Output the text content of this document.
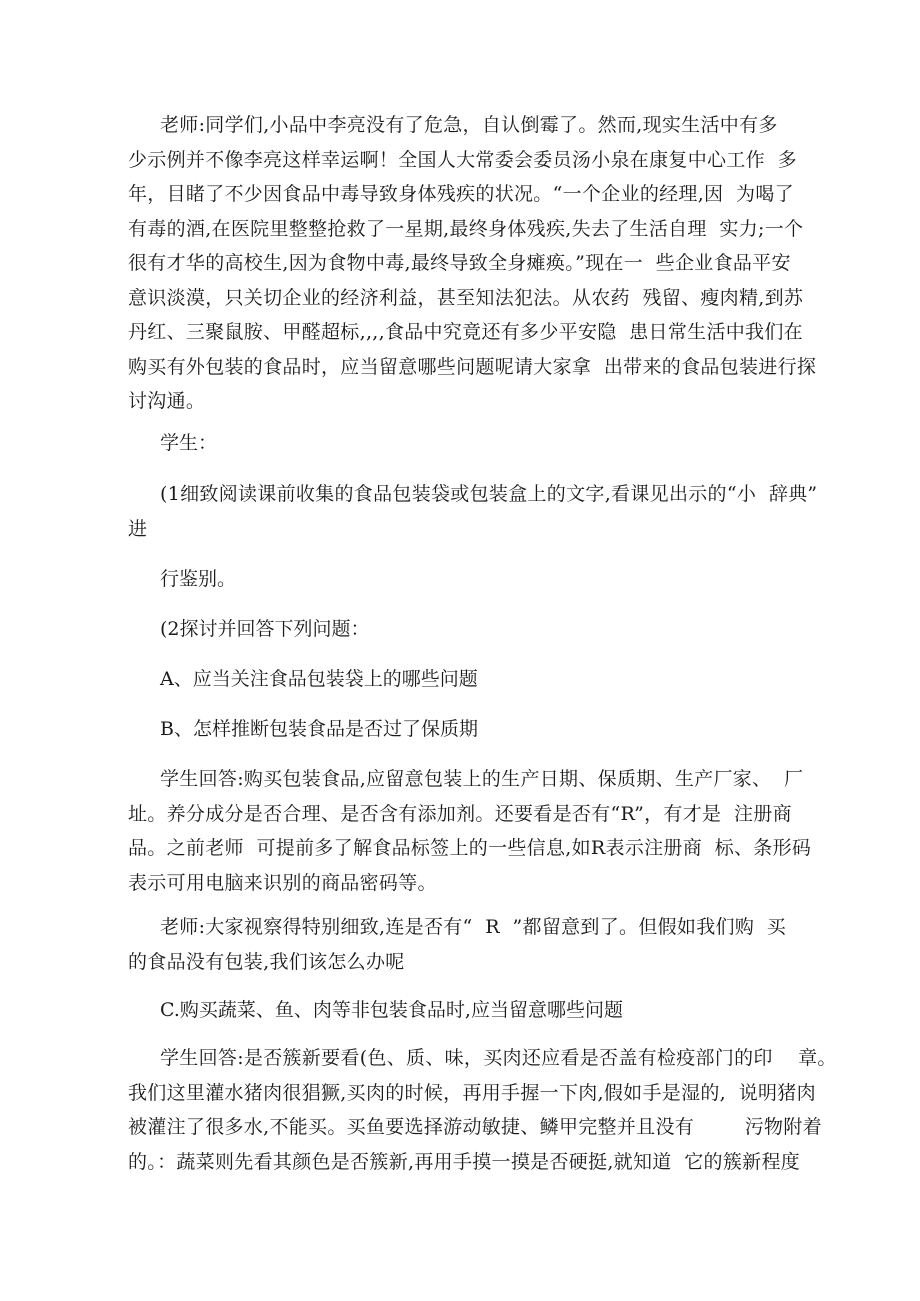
老师:同学们,小品中李亮没有了危急，自认倒霉了。然而,现实生活中有多
少示例并不像李亮这样幸运啊！全国人大常委会委员汤小泉在康复中心工作  多
年，目睹了不少因食品中毒导致身体残疾的状况。“一个企业的经理,因  为喝了
有毒的酒,在医院里整整抢救了一星期,最终身体残疾,失去了生活自理  实力;一个
很有才华的高校生,因为食物中毒,最终导致全身瘫痪。”现在一  些企业食品平安
意识淡漠，只关切企业的经济利益，甚至知法犯法。从农药  残留、瘦肉精,到苏
丹红、三聚鼠胺、甲醛超标,,,,食品中究竟还有多少平安隐  患日常生活中我们在
购买有外包装的食品时，应当留意哪些问题呢请大家拿  出带来的食品包装进行探
讨沟通。
学生：
(1细致阅读课前收集的食品包装袋或包装盒上的文字,看课见出示的“小  辞典”
进
行鉴别。
(2探讨并回答下列问题：
A、应当关注食品包装袋上的哪些问题
B、怎样推断包装食品是否过了保质期
学生回答:购买包装食品,应留意包装上的生产日期、保质期、生产厂家、  厂
址。养分成分是否合理、是否含有添加剂。还要看是否有“R”，有才是  注册商
品。之前老师  可提前多了解食品标签上的一些信息,如R表示注册商  标、条形码
表示可用电脑来识别的商品密码等。
老师:大家视察得特别细致,连是否有“  R  ”都留意到了。但假如我们购  买
的食品没有包装,我们该怎么办呢
C.购买蔬菜、鱼、肉等非包装食品时,应当留意哪些问题
学生回答:是否簇新要看(色、质、味，买肉还应看是否盖有检疫部门的印    章。
我们这里灌水猪肉很猖獗,买肉的时候，再用手握一下肉,假如手是湿的,  说明猪肉
被灌注了很多水,不能买。买鱼要选择游动敏捷、鳞甲完整并且没有        污物附着
的。：蔬菜则先看其颜色是否簇新,再用手摸一摸是否硬挺,就知道  它的簇新程度
